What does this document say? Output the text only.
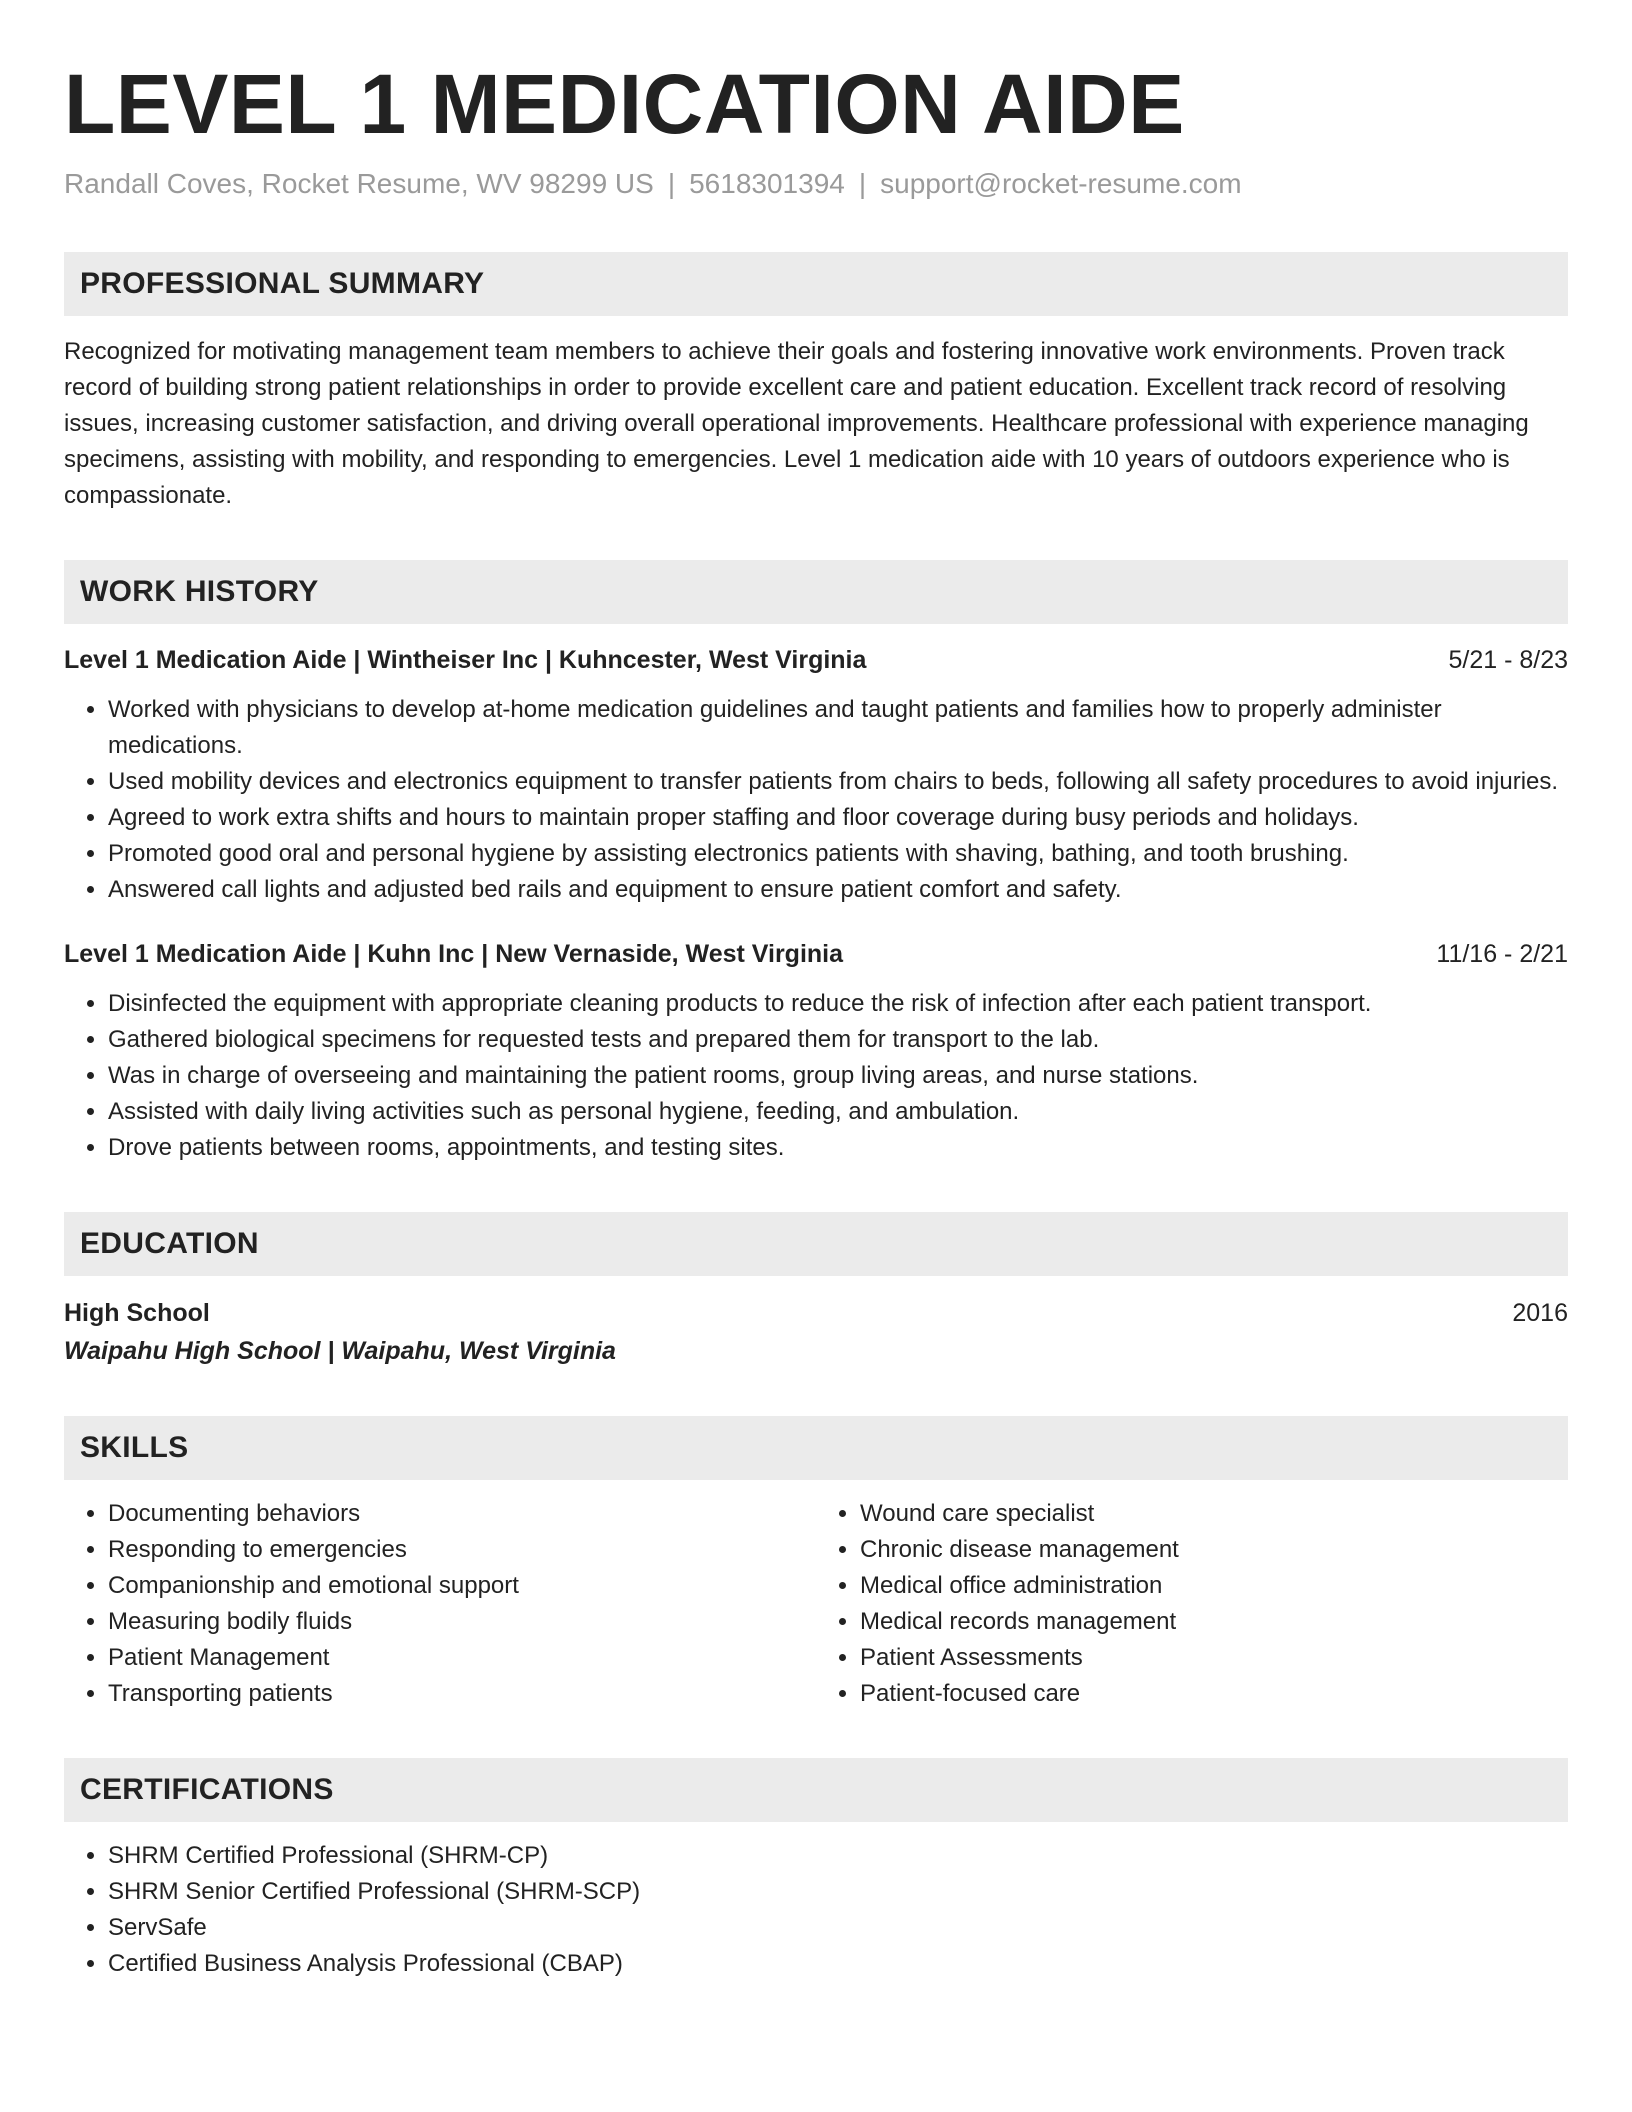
LEVEL 1 MEDICATION AIDE
Randall Coves, Rocket Resume, WV 98299 US | 5618301394 | support@rocket-resume.com
PROFESSIONAL SUMMARY
Recognized for motivating management team members to achieve their goals and fostering innovative work environments. Proven track record of building strong patient relationships in order to provide excellent care and patient education. Excellent track record of resolving issues, increasing customer satisfaction, and driving overall operational improvements. Healthcare professional with experience managing specimens, assisting with mobility, and responding to emergencies. Level 1 medication aide with 10 years of outdoors experience who is compassionate.
WORK HISTORY
Level 1 Medication Aide | Wintheiser Inc | Kuhncester, West Virginia	5/21 - 8/23
• Worked with physicians to develop at-home medication guidelines and taught patients and families how to properly administer medications.
• Used mobility devices and electronics equipment to transfer patients from chairs to beds, following all safety procedures to avoid injuries.
• Agreed to work extra shifts and hours to maintain proper staffing and floor coverage during busy periods and holidays.
• Promoted good oral and personal hygiene by assisting electronics patients with shaving, bathing, and tooth brushing.
• Answered call lights and adjusted bed rails and equipment to ensure patient comfort and safety.
Level 1 Medication Aide | Kuhn Inc | New Vernaside, West Virginia	11/16 - 2/21
• Disinfected the equipment with appropriate cleaning products to reduce the risk of infection after each patient transport.
• Gathered biological specimens for requested tests and prepared them for transport to the lab.
• Was in charge of overseeing and maintaining the patient rooms, group living areas, and nurse stations.
• Assisted with daily living activities such as personal hygiene, feeding, and ambulation.
• Drove patients between rooms, appointments, and testing sites.
EDUCATION
High School	2016
Waipahu High School | Waipahu, West Virginia
SKILLS
• Documenting behaviors
• Responding to emergencies
• Companionship and emotional support
• Measuring bodily fluids
• Patient Management
• Transporting patients
• Wound care specialist
• Chronic disease management
• Medical office administration
• Medical records management
• Patient Assessments
• Patient-focused care
CERTIFICATIONS
• SHRM Certified Professional (SHRM-CP)
• SHRM Senior Certified Professional (SHRM-SCP)
• ServSafe
• Certified Business Analysis Professional (CBAP)
